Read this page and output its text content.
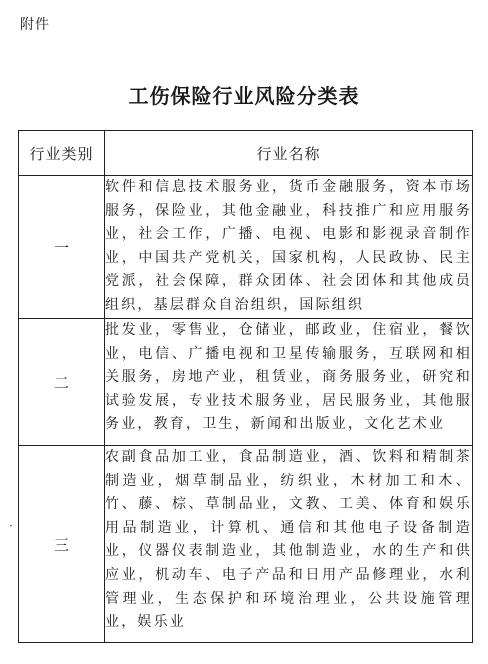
附件
工伤保险行业风险分类表
·
行业类别	行业名称
一	软件和信息技术服务业，货币金融服务，资本市场服务，保险业，其他金融业，科技推广和应用服务业，社会工作，广播、电视、电影和影视录音制作业，中国共产党机关，国家机构，人民政协、民主党派，社会保障，群众团体、社会团体和其他成员组织，基层群众自治组织，国际组织
二	批发业，零售业，仓储业，邮政业，住宿业，餐饮业，电信、广播电视和卫星传输服务，互联网和相关服务，房地产业，租赁业，商务服务业，研究和试验发展，专业技术服务业，居民服务业，其他服务业，教育，卫生，新闻和出版业，文化艺术业
三	农副食品加工业，食品制造业，酒、饮料和精制茶制造业，烟草制品业，纺织业，木材加工和木、竹、藤、棕、草制品业，文教、工美、体育和娱乐用品制造业，计算机、通信和其他电子设备制造业，仪器仪表制造业，其他制造业，水的生产和供应业，机动车、电子产品和日用产品修理业，水利管理业，生态保护和环境治理业，公共设施管理业，娱乐业
